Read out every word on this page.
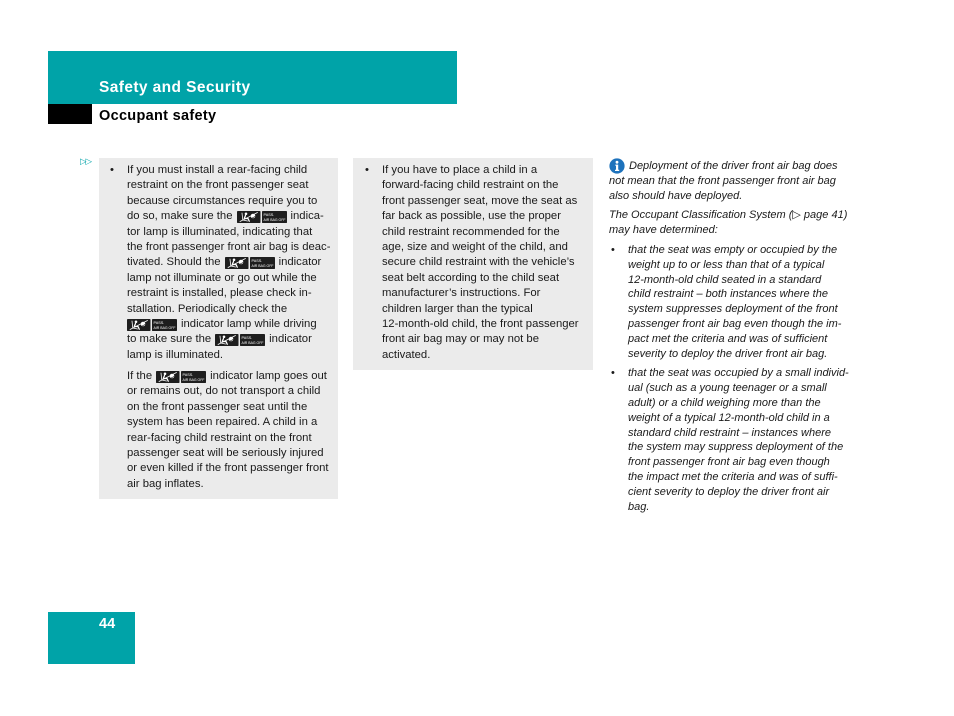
Safety and Security
Occupant safety
▷▷
• If you must install a rear-facing child
restraint on the front passenger seat
because circumstances require you to
do so, make sure the	PASS.
AIR BAG OFF indica-
tor lamp is illuminated, indicating that
the front passenger front air bag is deac-
tivated. Should the	PASS.
AIR BAG OFF indicator
lamp not illuminate or go out while the
restraint is installed, please check in-
stallation. Periodically check the
PASS.
AIR BAG OFF indicator lamp while driving
to make sure the	PASS.
AIR BAG OFF indicator
lamp is illuminated.
If the	PASS.
AIR BAG OFF indicator lamp goes out
or remains out, do not transport a child
on the front passenger seat until the
system has been repaired. A child in a
rear-facing child restraint on the front
passenger seat will be seriously injured
or even killed if the front passenger front
air bag inflates.
• If you have to place a child in a
forward-facing child restraint on the
front passenger seat, move the seat as
far back as possible, use the proper
child restraint recommended for the
age, size and weight of the child, and
secure child restraint with the vehicle’s
seat belt according to the child seat
manufacturer’s instructions. For
children larger than the typical
12-month-old child, the front passenger
front air bag may or may not be
activated.
Deployment of the driver front air bag does
not mean that the front passenger front air bag
also should have deployed.
The Occupant Classification System ( ▷ page 41 )
may have determined:
• that the seat was empty or occupied by the
weight up to or less than that of a typical
12-month-old child seated in a standard
child restraint – both instances where the
system suppresses deployment of the front
passenger front air bag even though the im-
pact met the criteria and was of sufficient
severity to deploy the driver front air bag.
• that the seat was occupied by a small individ-
ual (such as a young teenager or a small
adult) or a child weighing more than the
weight of a typical 12-month-old child in a
standard child restraint – instances where
the system may suppress deployment of the
front passenger front air bag even though
the impact met the criteria and was of suffi-
cient severity to deploy the driver front air
bag.
44
